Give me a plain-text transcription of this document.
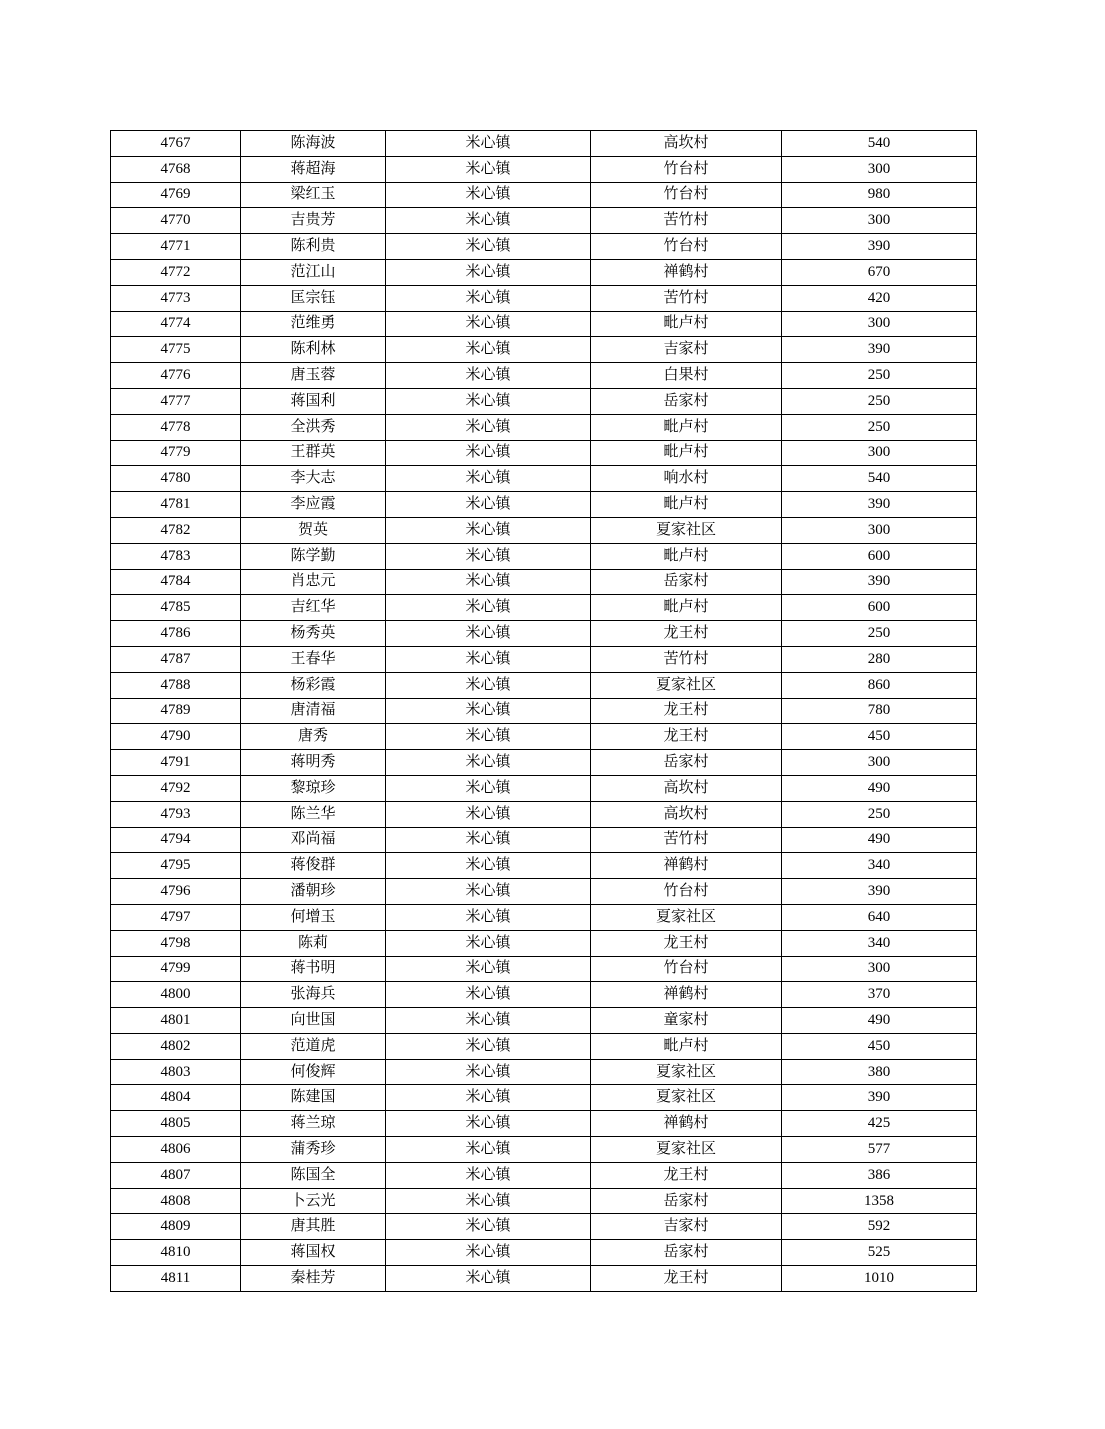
4767	陈海波	米心镇	高坎村	540
4768	蒋超海	米心镇	竹台村	300
4769	梁红玉	米心镇	竹台村	980
4770	吉贵芳	米心镇	苦竹村	300
4771	陈利贵	米心镇	竹台村	390
4772	范江山	米心镇	禅鹤村	670
4773	匡宗钰	米心镇	苦竹村	420
4774	范维勇	米心镇	毗卢村	300
4775	陈利林	米心镇	吉家村	390
4776	唐玉蓉	米心镇	白果村	250
4777	蒋国利	米心镇	岳家村	250
4778	全洪秀	米心镇	毗卢村	250
4779	王群英	米心镇	毗卢村	300
4780	李大志	米心镇	响水村	540
4781	李应霞	米心镇	毗卢村	390
4782	贺英	米心镇	夏家社区	300
4783	陈学勤	米心镇	毗卢村	600
4784	肖忠元	米心镇	岳家村	390
4785	吉红华	米心镇	毗卢村	600
4786	杨秀英	米心镇	龙王村	250
4787	王春华	米心镇	苦竹村	280
4788	杨彩霞	米心镇	夏家社区	860
4789	唐清福	米心镇	龙王村	780
4790	唐秀	米心镇	龙王村	450
4791	蒋明秀	米心镇	岳家村	300
4792	黎琼珍	米心镇	高坎村	490
4793	陈兰华	米心镇	高坎村	250
4794	邓尚福	米心镇	苦竹村	490
4795	蒋俊群	米心镇	禅鹤村	340
4796	潘朝珍	米心镇	竹台村	390
4797	何增玉	米心镇	夏家社区	640
4798	陈莉	米心镇	龙王村	340
4799	蒋书明	米心镇	竹台村	300
4800	张海兵	米心镇	禅鹤村	370
4801	向世国	米心镇	童家村	490
4802	范道虎	米心镇	毗卢村	450
4803	何俊辉	米心镇	夏家社区	380
4804	陈建国	米心镇	夏家社区	390
4805	蒋兰琼	米心镇	禅鹤村	425
4806	蒲秀珍	米心镇	夏家社区	577
4807	陈国全	米心镇	龙王村	386
4808	卜云光	米心镇	岳家村	1358
4809	唐其胜	米心镇	吉家村	592
4810	蒋国权	米心镇	岳家村	525
4811	秦桂芳	米心镇	龙王村	1010
